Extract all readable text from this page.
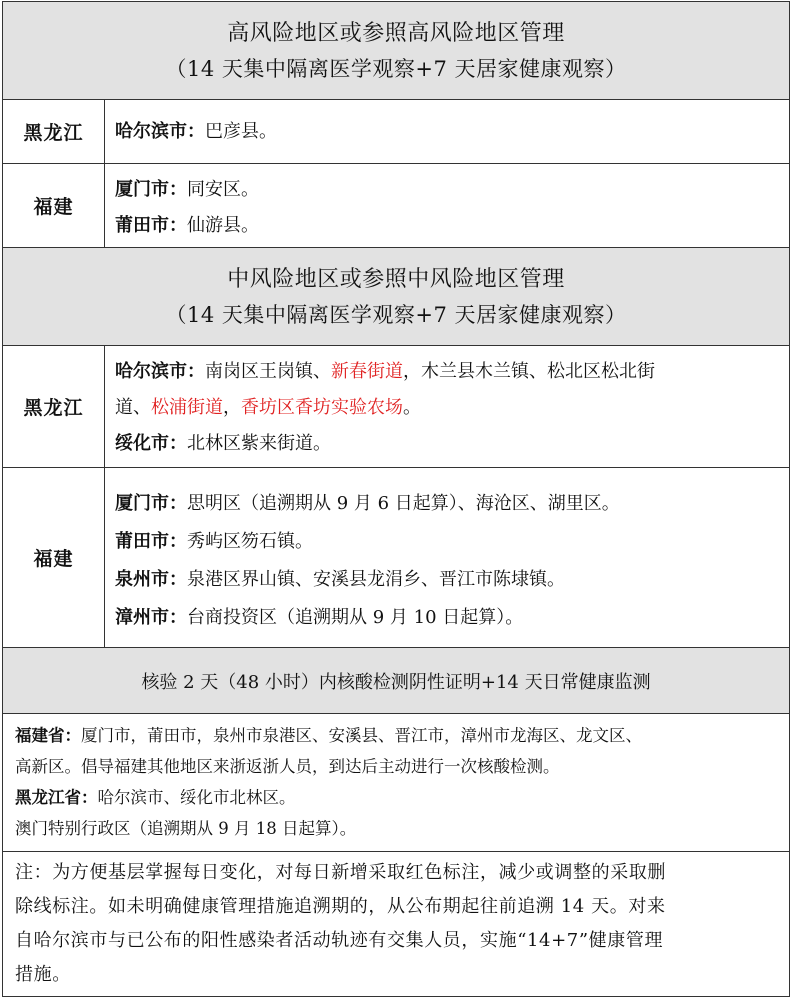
高风险地区或参照高风险地区管理
（14 天集中隔离医学观察+7 天居家健康观察）
黑龙江	哈尔滨市：巴彦县。
福建
厦门市：同安区。
莆田市：仙游县。
中风险地区或参照中风险地区管理
（14 天集中隔离医学观察+7 天居家健康观察）
黑龙江
哈尔滨市：南岗区王岗镇、新春街道，木兰县木兰镇、松北区松北街
道、松浦街道，香坊区香坊实验农场。
绥化市：北林区紫来街道。
福建
厦门市：思明区（追溯期从 9 月 6 日起算）、海沧区、湖里区。
莆田市：秀屿区笏石镇。
泉州市：泉港区界山镇、安溪县龙涓乡、晋江市陈埭镇。
漳州市：台商投资区（追溯期从 9 月 10 日起算）。
核验 2 天（48 小时）内核酸检测阴性证明+14 天日常健康监测
福建省：厦门市，莆田市，泉州市泉港区、安溪县、晋江市，漳州市龙海区、龙文区、
高新区。倡导福建其他地区来浙返浙人员，到达后主动进行一次核酸检测。
黑龙江省：哈尔滨市、绥化市北林区。
澳门特别行政区（追溯期从 9 月 18 日起算）。
注：为方便基层掌握每日变化，对每日新增采取红色标注，减少或调整的采取删
除线标注。如未明确健康管理措施追溯期的，从公布期起往前追溯 14 天。对来
自哈尔滨市与已公布的阳性感染者活动轨迹有交集人员，实施“14+7”健康管理
措施。
